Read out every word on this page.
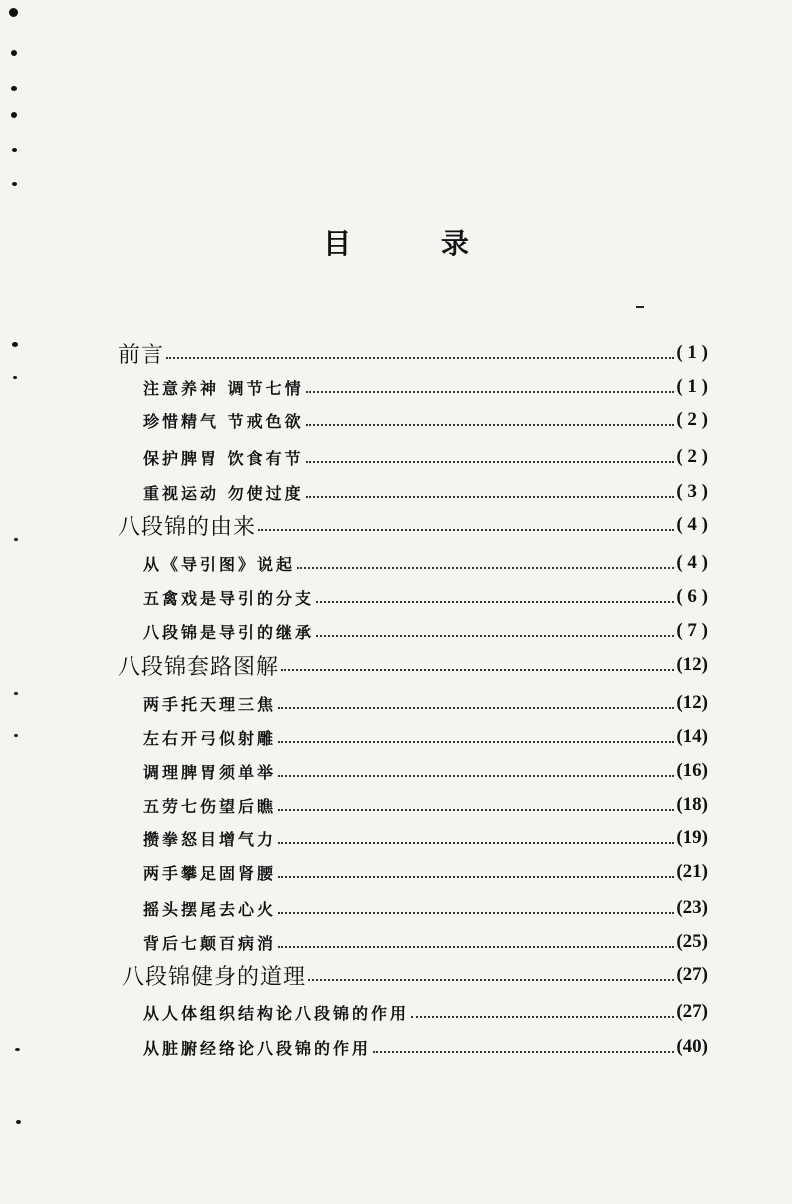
目 录
前言	( 1 )
注意养神 调节七情	( 1 )
珍惜精气 节戒色欲	( 2 )
保护脾胃 饮食有节	( 2 )
重视运动 勿使过度	( 3 )
八段锦的由来	( 4 )
从《导引图》说起	( 4 )
五禽戏是导引的分支	( 6 )
八段锦是导引的继承	( 7 )
八段锦套路图解	(12)
两手托天理三焦	(12)
左右开弓似射雕	(14)
调理脾胃须单举	(16)
五劳七伤望后瞧	(18)
攒拳怒目增气力	(19)
两手攀足固肾腰	(21)
摇头摆尾去心火	(23)
背后七颠百病消	(25)
八段锦健身的道理	(27)
从人体组织结构论八段锦的作用	(27)
从脏腑经络论八段锦的作用	(40)
